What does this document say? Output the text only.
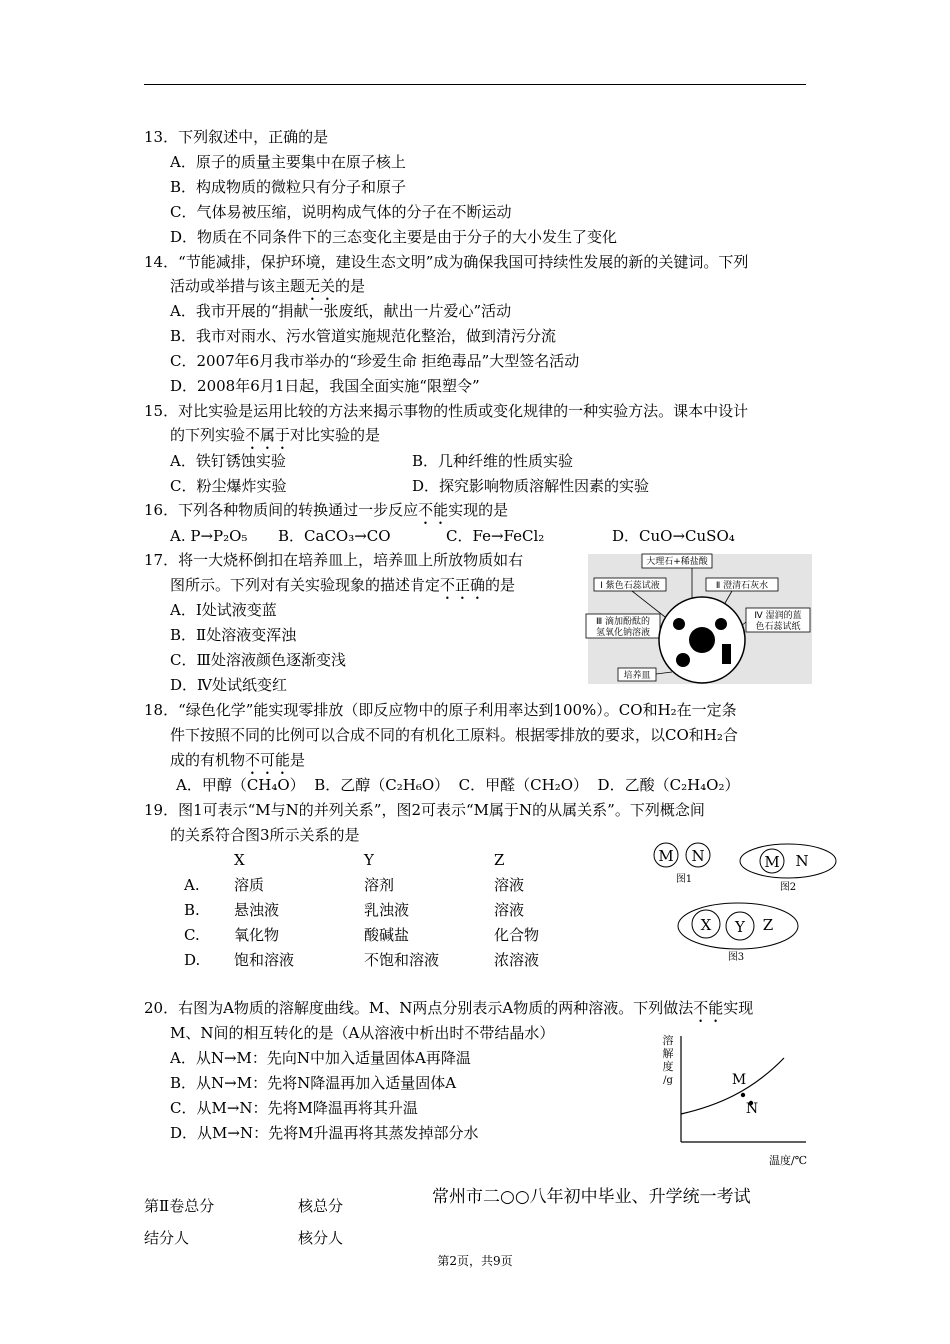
13．下列叙述中，正确的是
A．原子的质量主要集中在原子核上
B．构成物质的微粒只有分子和原子
C．气体易被压缩，说明构成气体的分子在不断运动
D．物质在不同条件下的三态变化主要是由于分子的大小发生了变化
14．“节能减排，保护环境，建设生态文明”成为确保我国可持续性发展的新的关键词。下列
活动或举措与该主题无关的是
A．我市开展的“捐献一张废纸，献出一片爱心”活动
B．我市对雨水、污水管道实施规范化整治，做到清污分流
C．2007年6月我市举办的“珍爱生命 拒绝毒品”大型签名活动
D．2008年6月1日起，我国全面实施“限塑令”
15．对比实验是运用比较的方法来揭示事物的性质或变化规律的一种实验方法。课本中设计
的下列实验不属于对比实验的是
A．铁钉锈蚀实验	B．几种纤维的性质实验
C．粉尘爆炸实验	D．探究影响物质溶解性因素的实验
16．下列各种物质间的转换通过一步反应不能实现的是
A. P→P₂O₅ B．CaCO₃→CO	C．Fe→FeCl₂	D．CuO→CuSO₄
17．将一大烧杯倒扣在培养皿上，培养皿上所放物质如右
图所示。下列对有关实验现象的描述肯定不正确的是
A．Ⅰ处试液变蓝
B．Ⅱ处溶液变浑浊
C．Ⅲ处溶液颜色逐渐变浅
D．Ⅳ处试纸变红
大理石+稀盐酸
Ⅰ 紫色石蕊试液	Ⅱ 澄清石灰水
Ⅲ 滴加酚酞的
氢氧化钠溶液
Ⅳ 湿润的蓝
色石蕊试纸
培养皿
18．“绿色化学”能实现零排放（即反应物中的原子利用率达到100%）。CO和H₂在一定条
件下按照不同的比例可以合成不同的有机化工原料。根据零排放的要求，以CO和H₂合
成的有机物不可能是
A．甲醇（CH₄O）  B．乙醇（C₂H₆O）  C．甲醛（CH₂O）  D．乙酸（C₂H₄O₂）
19．图1可表示“M与N的并列关系”，图2可表示“M属于N的从属关系”。下列概念间
的关系符合图3所示关系的是
X	Y	Z
A. 溶质	溶剂	溶液
B. 悬浊液	乳浊液	溶液
C. 氧化物	酸碱盐	化合物
D. 饱和溶液	不饱和溶液	浓溶液
M N
图1
M N
图2
X Y Z
图3
20．右图为A物质的溶解度曲线。M、N两点分别表示A物质的两种溶液。下列做法不能实现
M、N间的相互转化的是（A从溶液中析出时不带结晶水）
A．从N→M：先向N中加入适量固体A再降温
B．从N→M：先将N降温再加入适量固体A
C．从M→N：先将M降温再将其升温
D．从M→N：先将M升温再将其蒸发掉部分水
溶
解
度
/g	M
N
温度/℃
第Ⅱ卷总分	核总分
结分人	核分人
常州市二○○八年初中毕业、升学统一考试
第2页，共9页
